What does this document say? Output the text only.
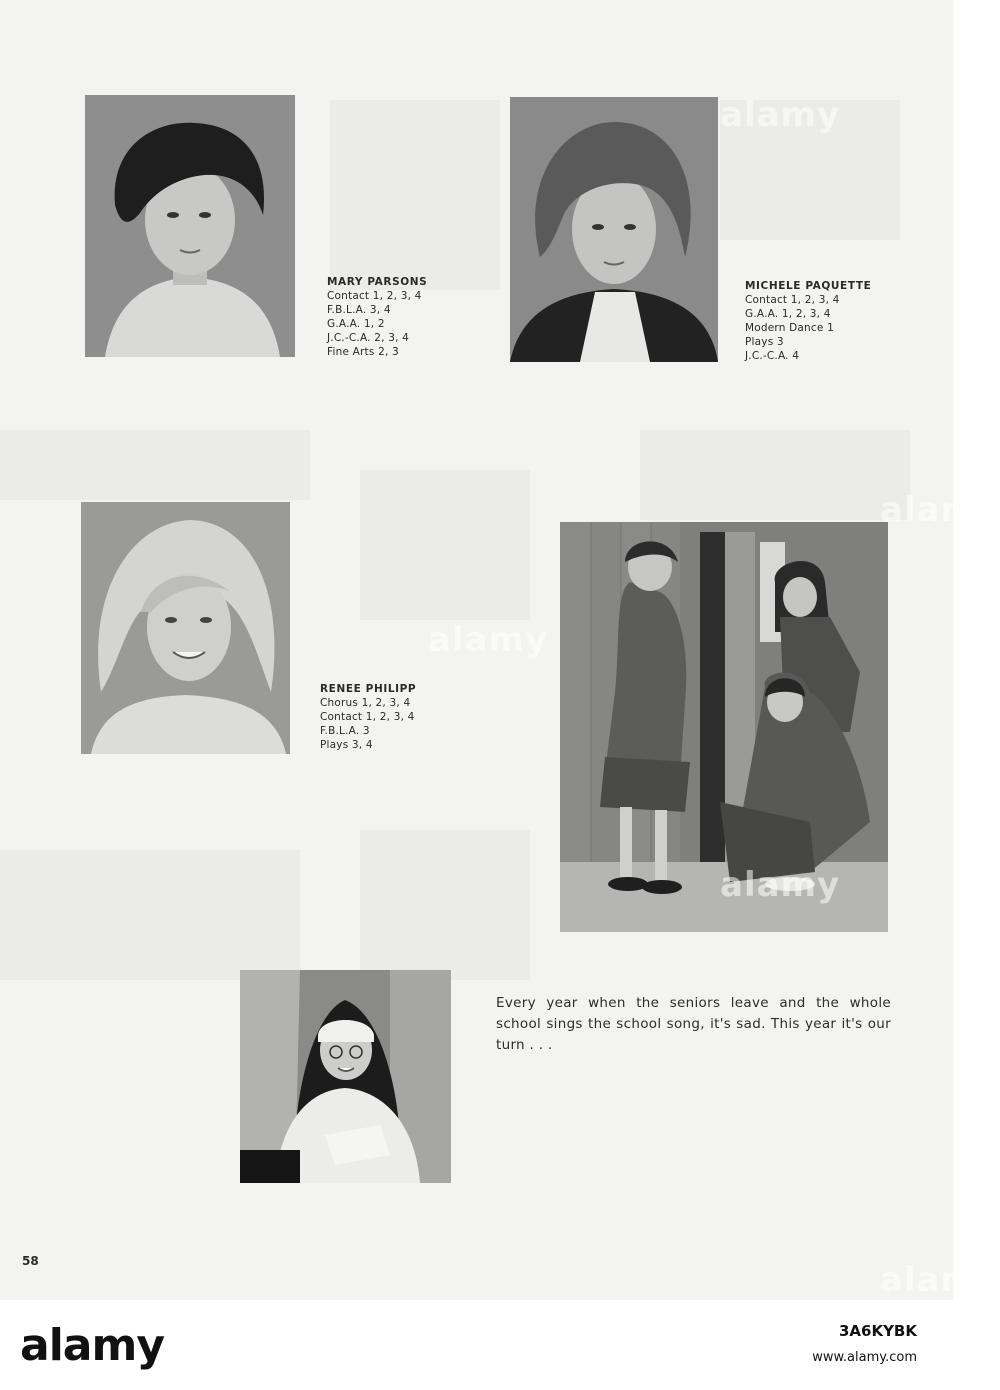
MARY PARSONS
Contact 1, 2, 3, 4
F.B.L.A. 3, 4
G.A.A. 1, 2
J.C.-C.A. 2, 3, 4
Fine Arts 2, 3
MICHELE PAQUETTE
Contact 1, 2, 3, 4
G.A.A. 1, 2, 3, 4
Modern Dance 1
Plays 3
J.C.-C.A. 4
RENEE PHILIPP
Chorus 1, 2, 3, 4
Contact 1, 2, 3, 4
F.B.L.A. 3
Plays 3, 4
Every year when the seniors leave and the whole school sings the school song, it's sad. This year it's our turn . . .
58
alamy
alamy
alamy
alamy
alamy
alamy	3A6KYBK
www.alamy.com
